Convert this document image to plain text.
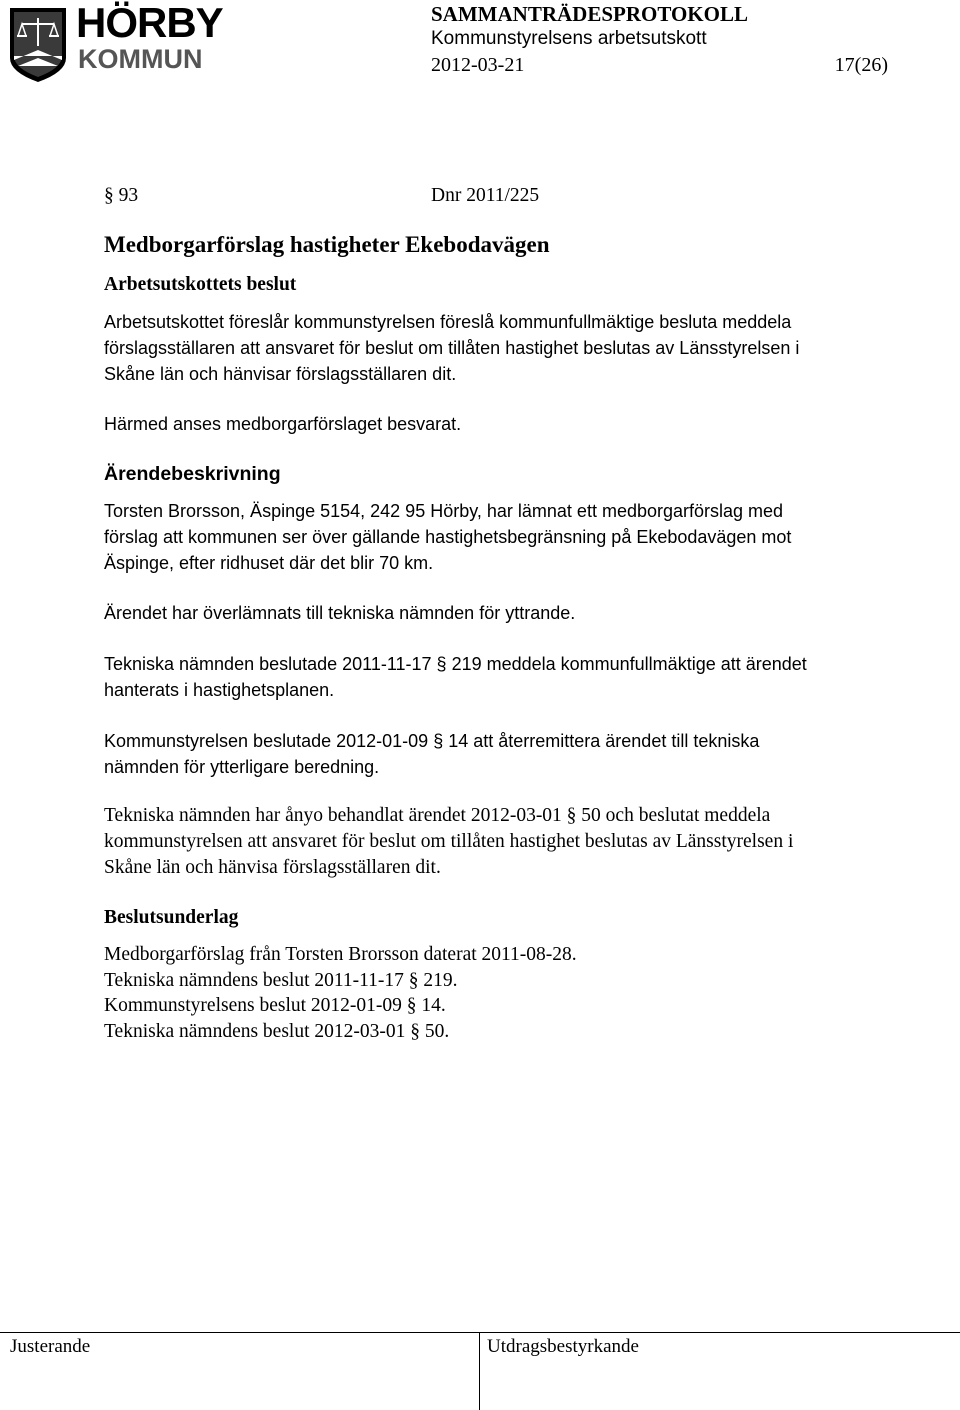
HÖRBY
KOMMUN
SAMMANTRÄDESPROTOKOLL
Kommunstyrelsens arbetsutskott
2012-03-21	17(26)
§ 93	Dnr 2011/225
Medborgarförslag hastigheter Ekebodavägen
Arbetsutskottets beslut
Arbetsutskottet föreslår kommunstyrelsen föreslå kommunfullmäktige besluta meddela
förslagsställaren att ansvaret för beslut om tillåten hastighet beslutas av Länsstyrelsen i
Skåne län och hänvisar förslagsställaren dit.
Härmed anses medborgarförslaget besvarat.
Ärendebeskrivning
Torsten Brorsson, Äspinge 5154, 242 95 Hörby, har lämnat ett medborgarförslag med
förslag att kommunen ser över gällande hastighetsbegränsning på Ekebodavägen mot
Äspinge, efter ridhuset där det blir 70 km.
Ärendet har överlämnats till tekniska nämnden för yttrande.
Tekniska nämnden beslutade 2011-11-17 § 219 meddela kommunfullmäktige att ärendet
hanterats i hastighetsplanen.
Kommunstyrelsen beslutade 2012-01-09 § 14 att återremittera ärendet till tekniska
nämnden för ytterligare beredning.
Tekniska nämnden har ånyo behandlat ärendet 2012-03-01 § 50 och beslutat meddela
kommunstyrelsen att ansvaret för beslut om tillåten hastighet beslutas av Länsstyrelsen i
Skåne län och hänvisa förslagsställaren dit.
Beslutsunderlag
Medborgarförslag från Torsten Brorsson daterat 2011-08-28.
Tekniska nämndens beslut 2011-11-17 § 219.
Kommunstyrelsens beslut 2012-01-09 § 14.
Tekniska nämndens beslut 2012-03-01 § 50.
Justerande	Utdragsbestyrkande
